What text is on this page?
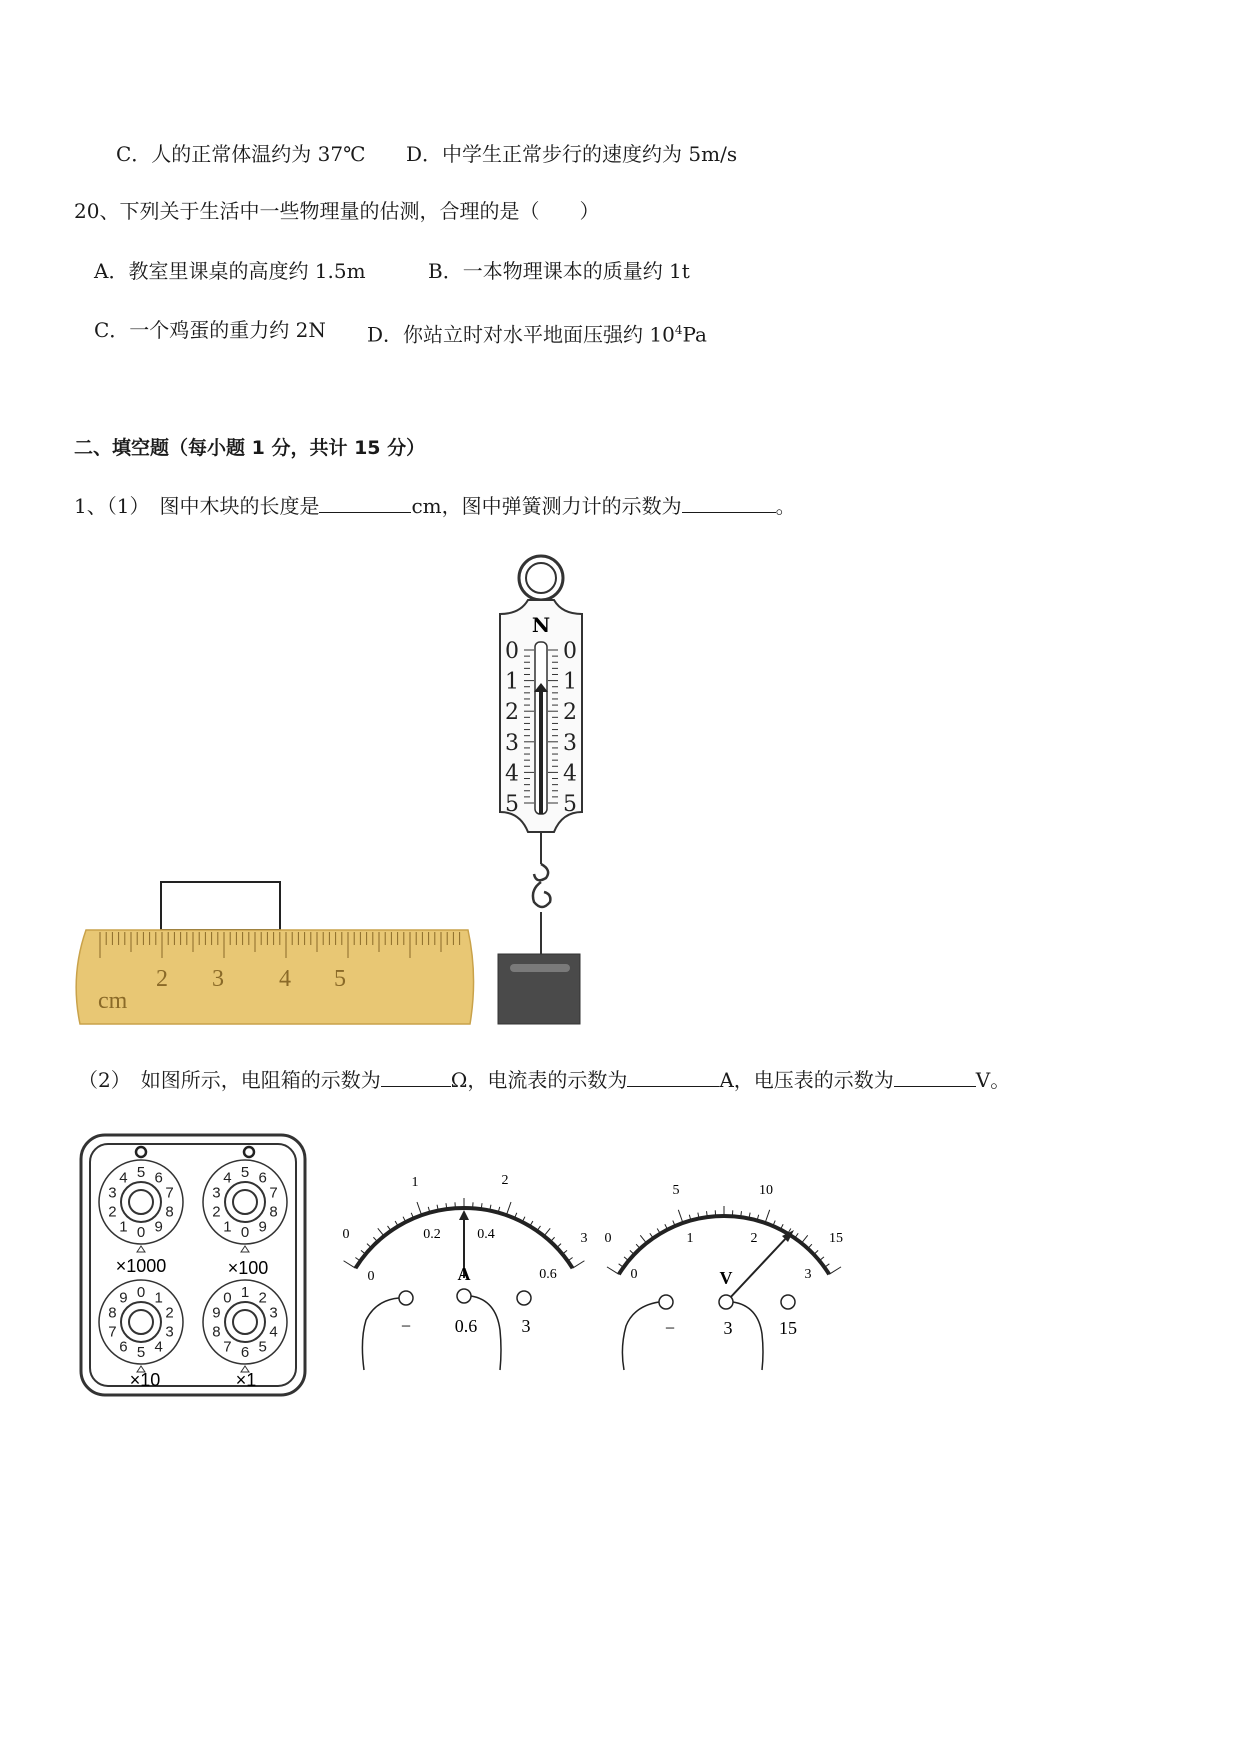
C．人的正常体温约为 37℃ D．中学生正常步行的速度约为 5m/s
20、下列关于生活中一些物理量的估测，合理的是（　　）
A．教室里课桌的高度约 1.5m	B．一本物理课本的质量约 1t
C．一个鸡蛋的重力约 2N D．你站立时对水平地面压强约 $10^4Pa$
二、填空题（每小题 1 分，共计 15 分）
1、（1）　图中木块的长度是	cm，图中弹簧测力计的示数为	。
2 3 4 5
cm
N
0 0
1 1
2 2
3 3
4 4
5 5
（2）　如图所示，电阻箱的示数为	Ω，电流表的示数为	A，电压表的示数为	V。
0
1
2
3
4 5 6
7
8
9
×1000
0
1
2
3
4 5 6
7
8
9
×100
0 1
2
3
4
5
6
7
8
9
×10
0 1 2
3
4
5
6
7
8
9
×1
0
1	2
3
0
0.2	0.4
0.6
A
− 0.6 3
0
5	10
15
0
1	2
3
V
−	3	15
